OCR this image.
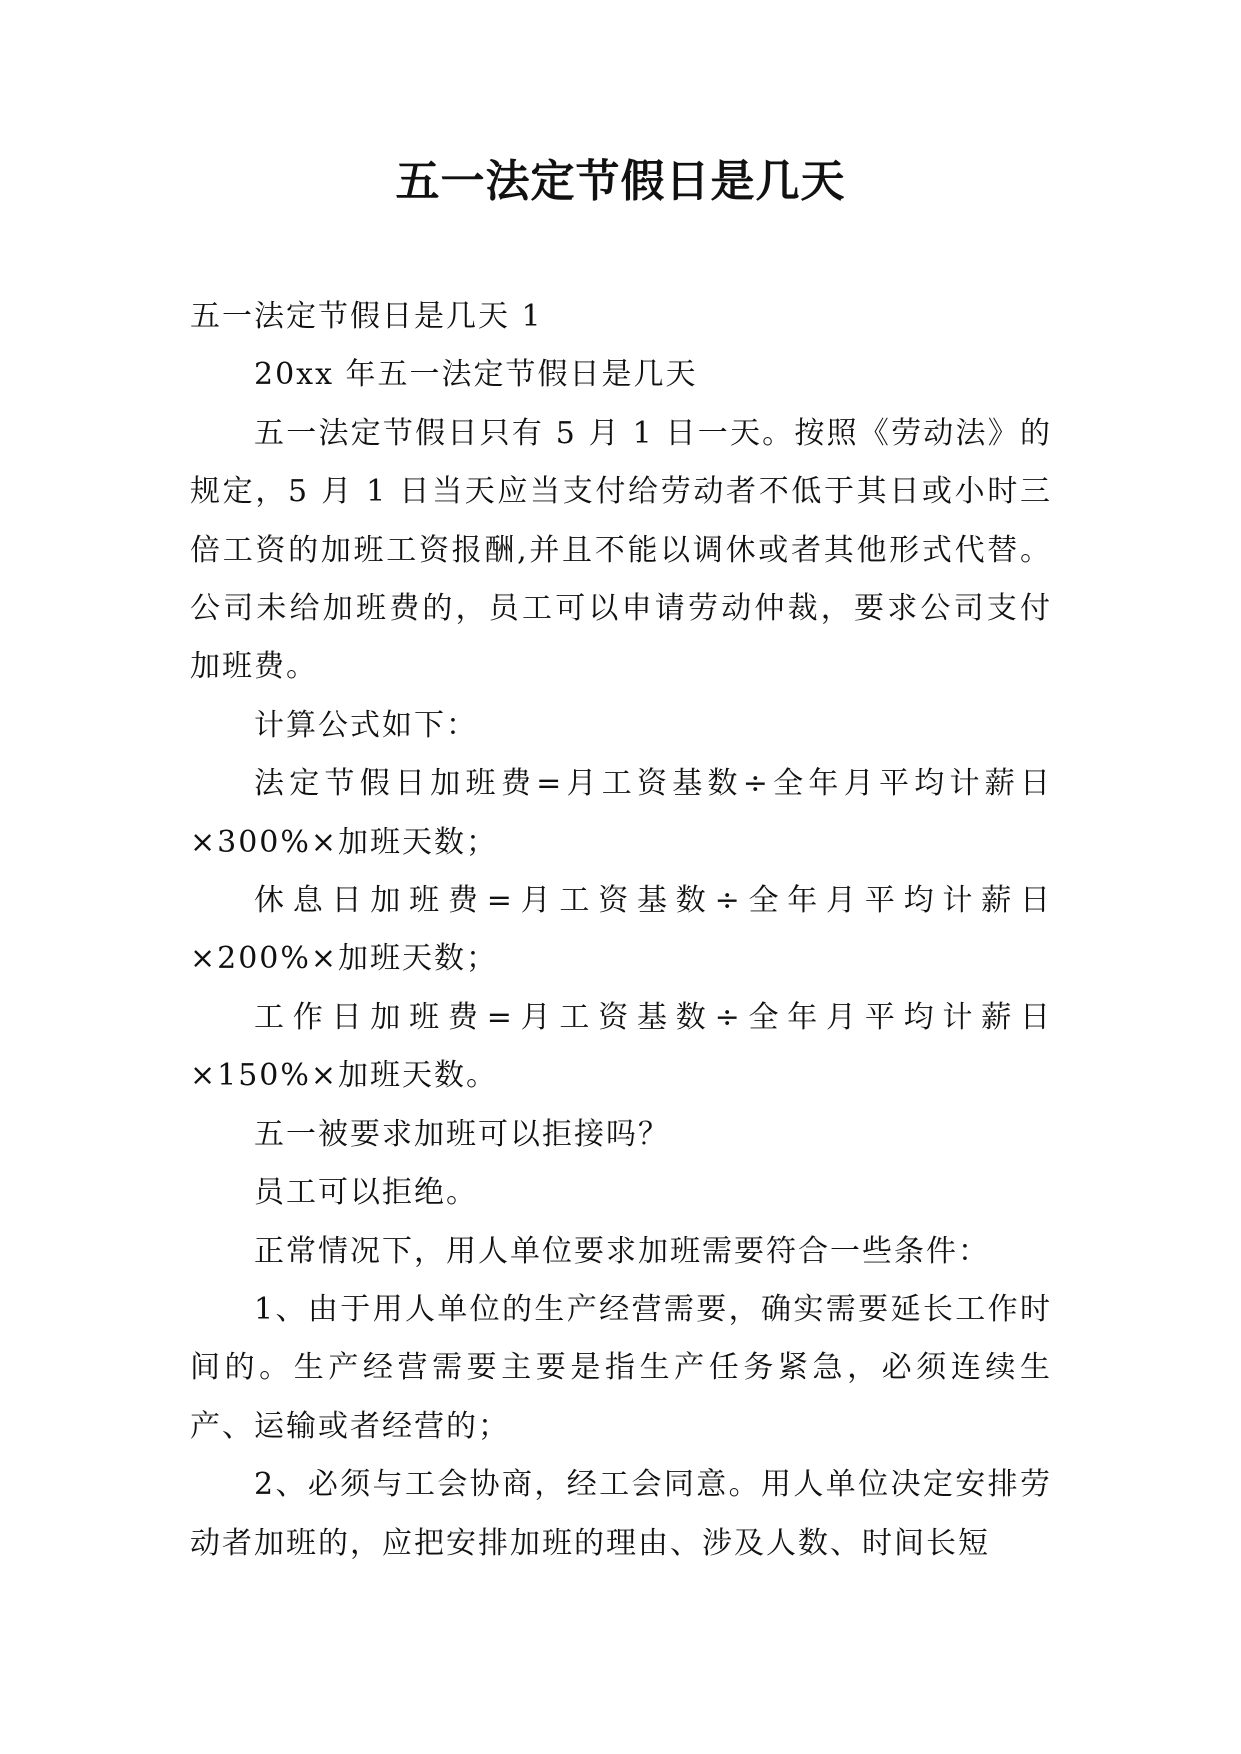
五一法定节假日是几天

五一法定节假日是几天 1

20xx 年五一法定节假日是几天

五一法定节假日只有 5 月 1 日一天。按照《劳动法》的规定，5 月 1 日当天应当支付给劳动者不低于其日或小时三倍工资的加班工资报酬,并且不能以调休或者其他形式代替。公司未给加班费的，员工可以申请劳动仲裁，要求公司支付加班费。

计算公式如下：

法定节假日加班费=月工资基数÷全年月平均计薪日×300%×加班天数；

休息日加班费=月工资基数÷全年月平均计薪日×200%×加班天数；

工作日加班费=月工资基数÷全年月平均计薪日×150%×加班天数。

五一被要求加班可以拒接吗？

员工可以拒绝。

正常情况下，用人单位要求加班需要符合一些条件：

1、由于用人单位的生产经营需要，确实需要延长工作时间的。生产经营需要主要是指生产任务紧急，必须连续生产、运输或者经营的；

2、必须与工会协商，经工会同意。用人单位决定安排劳动者加班的，应把安排加班的理由、涉及人数、时间长短
